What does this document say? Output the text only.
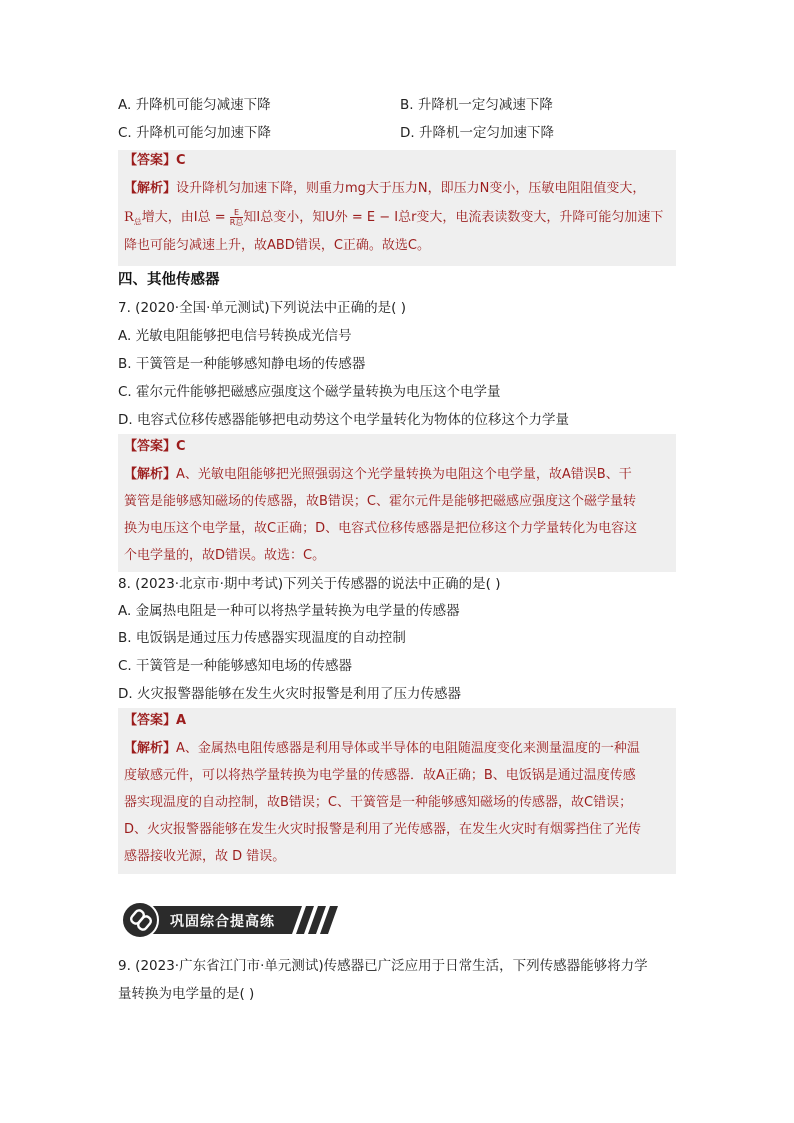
A. 升降机可能匀减速下降	B. 升降机一定匀减速下降
C. 升降机可能匀加速下降	D. 升降机一定匀加速下降
【答案】C
【解析】设升降机匀加速下降，则重力mg大于压力N，即压力N变小，压敏电阻阻值变大，
$R_总$增大，由I总 = E
R总 知I总变小，知U外 = E − I总r变大，电流表读数变大，升降可能匀加速下
降也可能匀减速上升，故ABD错误，C正确。故选C。
四、其他传感器
7. (2020·全国·单元测试)下列说法中正确的是( )
A. 光敏电阻能够把电信号转换成光信号
B. 干簧管是一种能够感知静电场的传感器
C. 霍尔元件能够把磁感应强度这个磁学量转换为电压这个电学量
D. 电容式位移传感器能够把电动势这个电学量转化为物体的位移这个力学量
【答案】C
【解析】A、光敏电阻能够把光照强弱这个光学量转换为电阻这个电学量，故A错误B、干
簧管是能够感知磁场的传感器，故B错误；C、霍尔元件是能够把磁感应强度这个磁学量转
换为电压这个电学量，故C正确；D、电容式位移传感器是把位移这个力学量转化为电容这
个电学量的，故D错误。故选：C。
8. (2023·北京市·期中考试)下列关于传感器的说法中正确的是( )
A. 金属热电阻是一种可以将热学量转换为电学量的传感器
B. 电饭锅是通过压力传感器实现温度的自动控制
C. 干簧管是一种能够感知电场的传感器
D. 火灾报警器能够在发生火灾时报警是利用了压力传感器
【答案】A
【解析】A、金属热电阻传感器是利用导体或半导体的电阻随温度变化来测量温度的一种温
度敏感元件，可以将热学量转换为电学量的传感器．故A正确；B、电饭锅是通过温度传感
器实现温度的自动控制，故B错误；C、干簧管是一种能够感知磁场的传感器，故C错误；
D、火灾报警器能够在发生火灾时报警是利用了光传感器，在发生火灾时有烟雾挡住了光传
感器接收光源，故 D 错误。
巩固综合提高练
9. (2023·广东省江门市·单元测试)传感器已广泛应用于日常生活，下列传感器能够将力学
量转换为电学量的是( )
